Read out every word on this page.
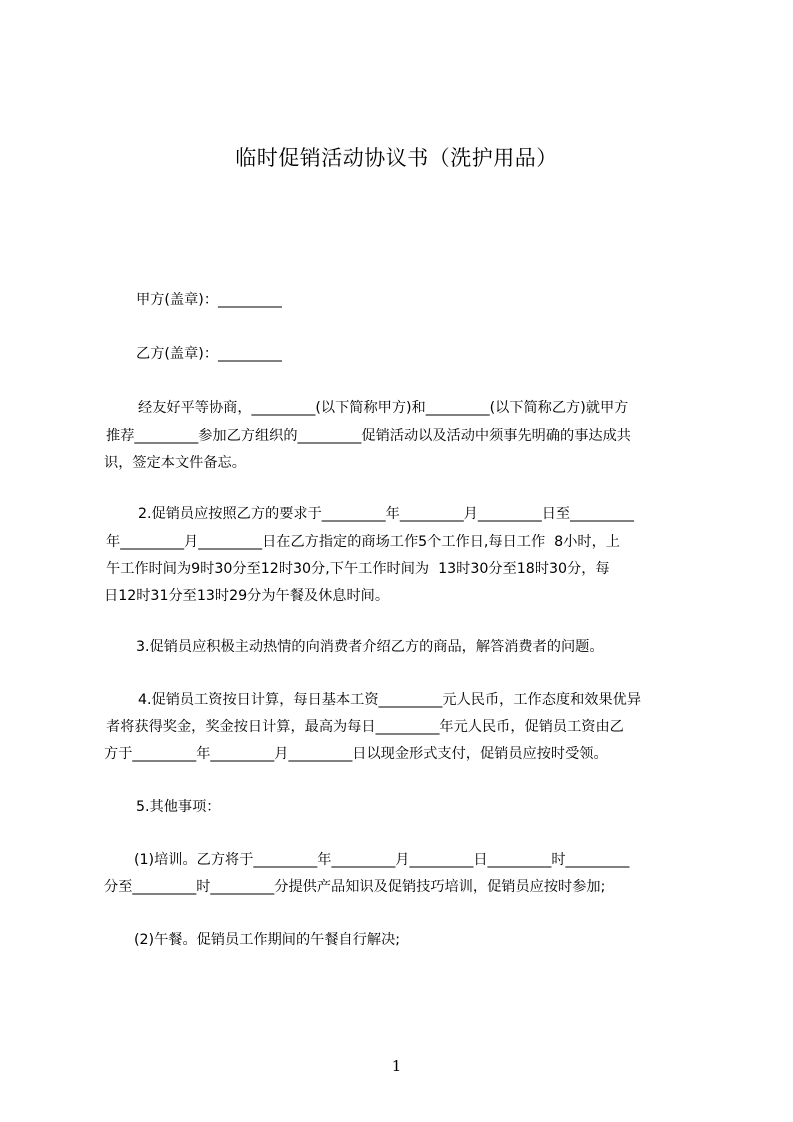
临时促销活动协议书（洗护用品）
甲方(盖章)：_________
乙方(盖章)：_________
经友好平等协商，_________(以下简称甲方)和_________(以下简称乙方)就甲方
推荐_________参加乙方组织的_________促销活动以及活动中须事先明确的事达成共
识，签定本文件备忘。
2.促销员应按照乙方的要求于_________年_________月_________日至_________
年_________月_________日在乙方指定的商场工作5个工作日,每日工作  8小时，上
午工作时间为9时30分至12时30分,下午工作时间为  13时30分至18时30分，每
日12时31分至13时29分为午餐及休息时间。
3.促销员应积极主动热情的向消费者介绍乙方的商品，解答消费者的问题。
4.促销员工资按日计算，每日基本工资_________元人民币，工作态度和效果优异
者将获得奖金，奖金按日计算，最高为每日_________年元人民币，促销员工资由乙
方于_________年_________月_________日以现金形式支付，促销员应按时受领。
5.其他事项：
(1)培训。乙方将于_________年_________月_________日_________时_________
分至_________时_________分提供产品知识及促销技巧培训，促销员应按时参加;
(2)午餐。促销员工作期间的午餐自行解决;
1
